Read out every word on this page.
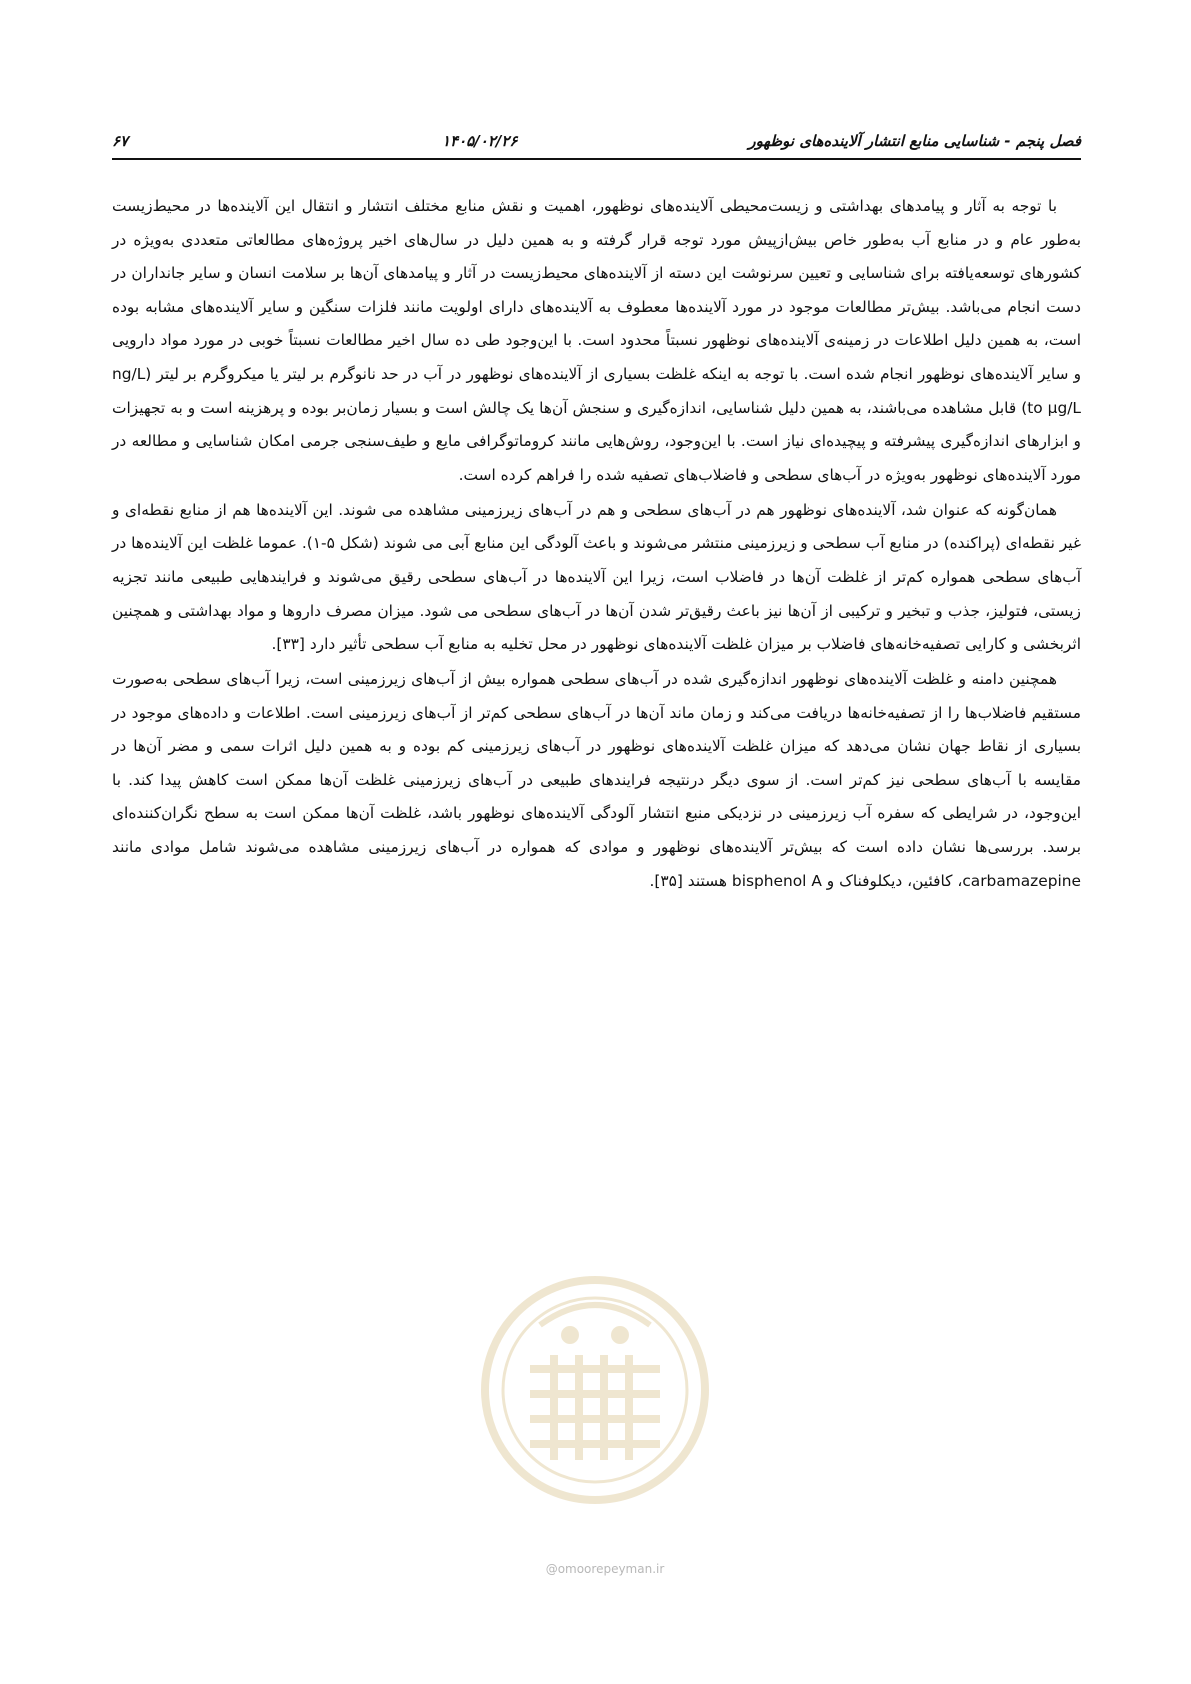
فصل پنجم - شناسایی منابع انتشار آلاینده‌های نوظهور
۱۴۰۵/۰۲/۲۶
۶۷

با توجه به آثار و پیامدهای بهداشتی و زیست‌محیطی آلاینده‌های نوظهور، اهمیت و نقش منابع مختلف انتشار و انتقال این آلاینده‌ها در محیط‌زیست به‌طور عام و در منابع آب به‌طور خاص بیش‌ازپیش مورد توجه قرار گرفته و به همین دلیل در سال‌های اخیر پروژه‌های مطالعاتی متعددی به‌ویژه در کشورهای توسعه‌یافته برای شناسایی و تعیین سرنوشت این دسته از آلاینده‌های محیط‌زیست در آثار و پیامدهای آن‌ها بر سلامت انسان و سایر جانداران در دست انجام می‌باشد. بیش‌تر مطالعات موجود در مورد آلاینده‌ها معطوف به آلاینده‌های دارای اولویت مانند فلزات سنگین و سایر آلاینده‌های مشابه بوده است، به همین دلیل اطلاعات در زمینه‌ی آلاینده‌های نوظهور نسبتاً محدود است. با این‌وجود طی ده سال اخیر مطالعات نسبتاً خوبی در مورد مواد دارویی و سایر آلاینده‌های نوظهور انجام شده است. با توجه به اینکه غلظت بسیاری از آلاینده‌های نوظهور در آب در حد نانوگرم بر لیتر یا میکروگرم بر لیتر (ng/L to μg/L) قابل مشاهده می‌باشند، به همین دلیل شناسایی، اندازه‌گیری و سنجش آن‌ها یک چالش است و بسیار زمان‌بر بوده و پرهزینه است و به تجهیزات و ابزارهای اندازه‌گیری پیشرفته و پیچیده‌ای نیاز است. با این‌وجود، روش‌هایی مانند کروماتوگرافی مایع و طیف‌سنجی جرمی امکان شناسایی و مطالعه در مورد آلاینده‌های نوظهور به‌ویژه در آب‌های سطحی و فاضلاب‌های تصفیه شده را فراهم کرده است.

همان‌گونه که عنوان شد، آلاینده‌های نوظهور هم در آب‌های سطحی و هم در آب‌های زیرزمینی مشاهده می شوند. این آلاینده‌ها هم از منابع نقطه‌ای و غیر نقطه‌ای (پراکنده) در منابع آب سطحی و زیرزمینی منتشر می‌شوند و باعث آلودگی این منابع آبی می شوند (شکل ۵-۱). عموما غلظت این آلاینده‌ها در آب‌های سطحی همواره کم‌تر از غلظت آن‌ها در فاضلاب است، زیرا این آلاینده‌ها در آب‌های سطحی رقیق می‌شوند و فرایندهایی طبیعی مانند تجزیه زیستی، فتولیز، جذب و تبخیر و ترکیبی از آن‌ها نیز باعث رقیق‌تر شدن آن‌ها در آب‌های سطحی می شود. میزان مصرف داروها و مواد بهداشتی و همچنین اثربخشی و کارایی تصفیه‌خانه‌های فاضلاب بر میزان غلظت آلاینده‌های نوظهور در محل تخلیه به منابع آب سطحی تأثیر دارد [۳۳].

همچنین دامنه و غلظت آلاینده‌های نوظهور اندازه‌گیری شده در آب‌های سطحی همواره بیش از آب‌های زیرزمینی است، زیرا آب‌های سطحی به‌صورت مستقیم فاضلاب‌ها را از تصفیه‌خانه‌ها دریافت می‌کند و زمان ماند آن‌ها در آب‌های سطحی کم‌تر از آب‌های زیرزمینی است. اطلاعات و داده‌های موجود در بسیاری از نقاط جهان نشان می‌دهد که میزان غلظت آلاینده‌های نوظهور در آب‌های زیرزمینی کم بوده و به همین دلیل اثرات سمی و مضر آن‌ها در مقایسه با آب‌های سطحی نیز کم‌تر است. از سوی دیگر درنتیجه فرایندهای طبیعی در آب‌های زیرزمینی غلظت آن‌ها ممکن است کاهش پیدا کند. با این‌وجود، در شرایطی که سفره آب زیرزمینی در نزدیکی منبع انتشار آلودگی آلاینده‌های نوظهور باشد، غلظت آن‌ها ممکن است به سطح نگران‌کننده‌ای برسد. بررسی‌ها نشان داده است که بیش‌تر آلاینده‌های نوظهور و موادی که همواره در آب‌های زیرزمینی مشاهده می‌شوند شامل موادی مانند carbamazepine، کافئین، دیکلوفناک و bisphenol A هستند [۳۵].

@omoorepeyman.ir
